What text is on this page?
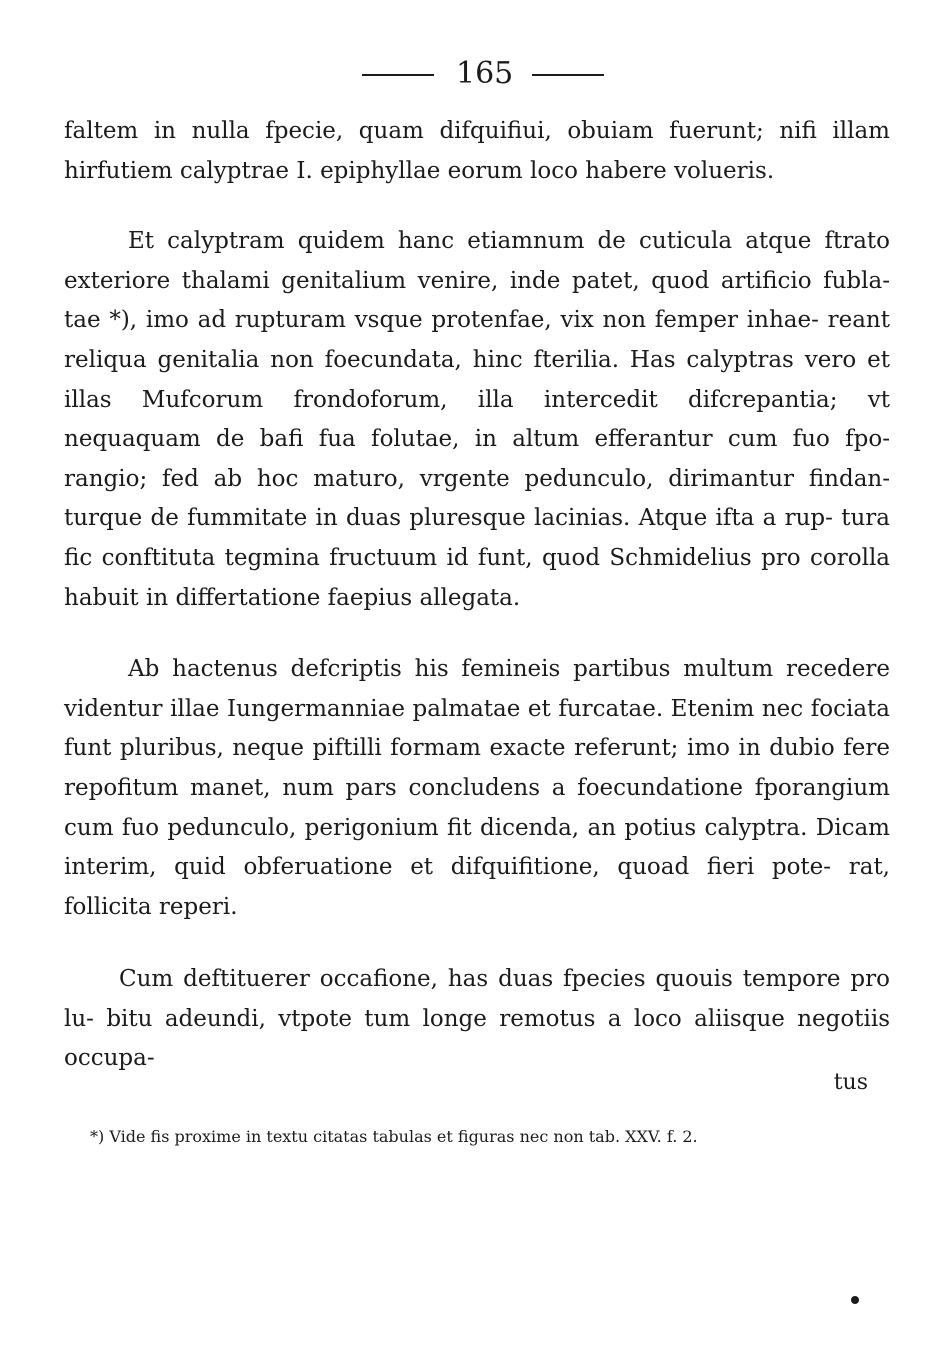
165

faltem in nulla fpecie, quam difquifiui, obuiam fuerunt; nifi illam hirfutiem calyptrae I. epiphyllae eorum loco habere volueris.

Et calyptram quidem hanc etiamnum de cuticula atque ftrato exteriore thalami genitalium venire, inde patet, quod artificio fubla- tae *), imo ad rupturam vsque protenfae, vix non femper inhae- reant reliqua genitalia non foecundata, hinc fterilia. Has calyptras vero et illas Mufcorum frondoforum, illa intercedit difcrepantia; vt nequaquam de bafi fua folutae, in altum efferantur cum fuo fpo- rangio; fed ab hoc maturo, vrgente pedunculo, dirimantur findan- turque de fummitate in duas pluresque lacinias. Atque ifta a rup- tura fic conftituta tegmina fructuum id funt, quod Schmidelius pro corolla habuit in differtatione faepius allegata.

Ab hactenus defcriptis his femineis partibus multum recedere videntur illae Iungermanniae palmatae et furcatae. Etenim nec fociata funt pluribus, neque piftilli formam exacte referunt; imo in dubio fere repofitum manet, num pars concludens a foecundatione fporangium cum fuo pedunculo, perigonium fit dicenda, an potius calyptra. Dicam interim, quid obferuatione et difquifitione, quoad fieri pote- rat, follicita reperi.

Cum deftituerer occafione, has duas fpecies quouis tempore pro lu- bitu adeundi, vtpote tum longe remotus a loco aliisque negotiis occupa-

tus
*) Vide fis proxime in textu citatas tabulas et figuras nec non tab. XXV. f. 2.
